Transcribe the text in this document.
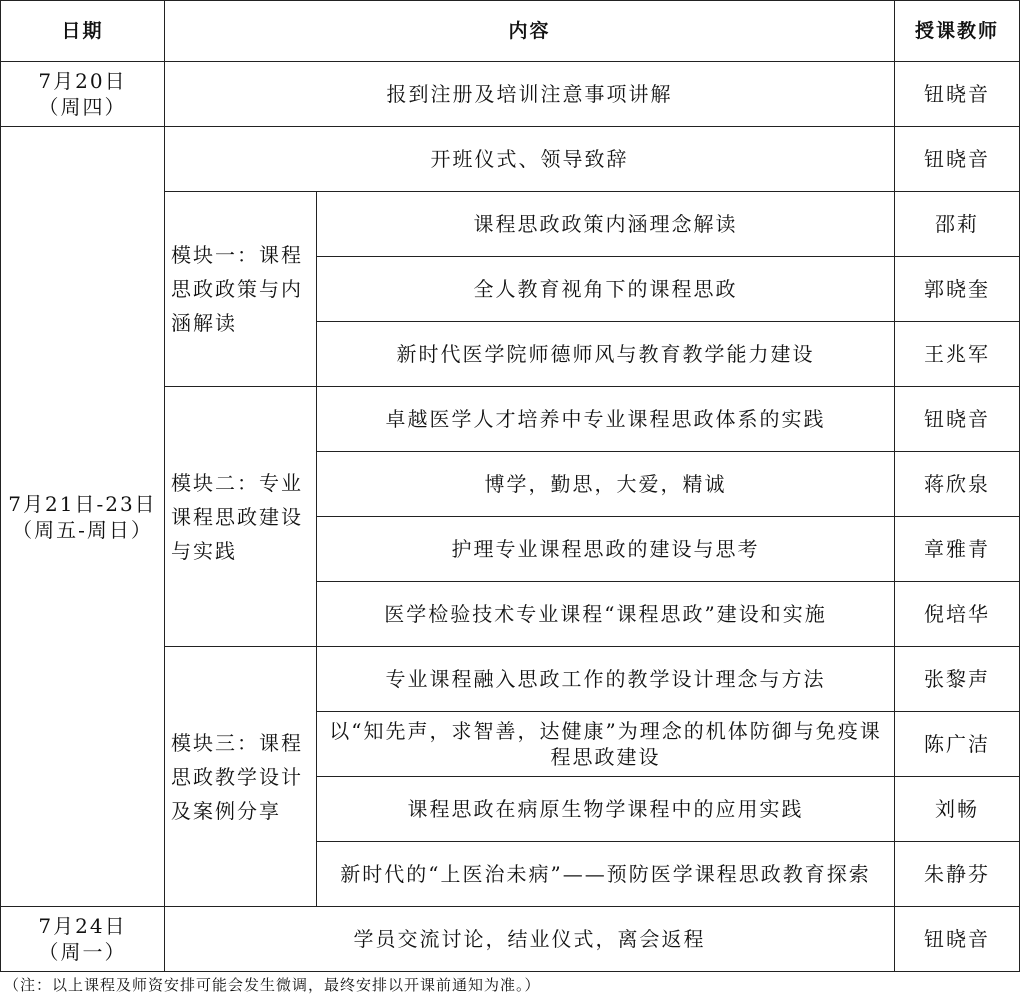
日期	内容		授课教师

7月20日
（周四）	报到注册及培训注意事项讲解		钮晓音

7月21日-23日
（周五-周日）	开班仪式、领导致辞		钮晓音
	模块一：课程思政政策与内涵解读	课程思政政策内涵理念解读	邵莉
		全人教育视角下的课程思政	郭晓奎
		新时代医学院师德师风与教育教学能力建设	王兆军
	模块二：专业课程思政建设与实践	卓越医学人才培养中专业课程思政体系的实践	钮晓音
		博学，勤思，大爱，精诚	蒋欣泉
		护理专业课程思政的建设与思考	章雅青
		医学检验技术专业课程“课程思政”建设和实施	倪培华
	模块三：课程思政教学设计及案例分享	专业课程融入思政工作的教学设计理念与方法	张黎声
		以“知先声，求智善，达健康”为理念的机体防御与免疫课程思政建设	陈广洁
		课程思政在病原生物学课程中的应用实践	刘畅
		新时代的“上医治未病”——预防医学课程思政教育探索	朱静芬

7月24日
（周一）	学员交流讨论，结业仪式，离会返程		钮晓音
（注：以上课程及师资安排可能会发生微调，最终安排以开课前通知为准。）
